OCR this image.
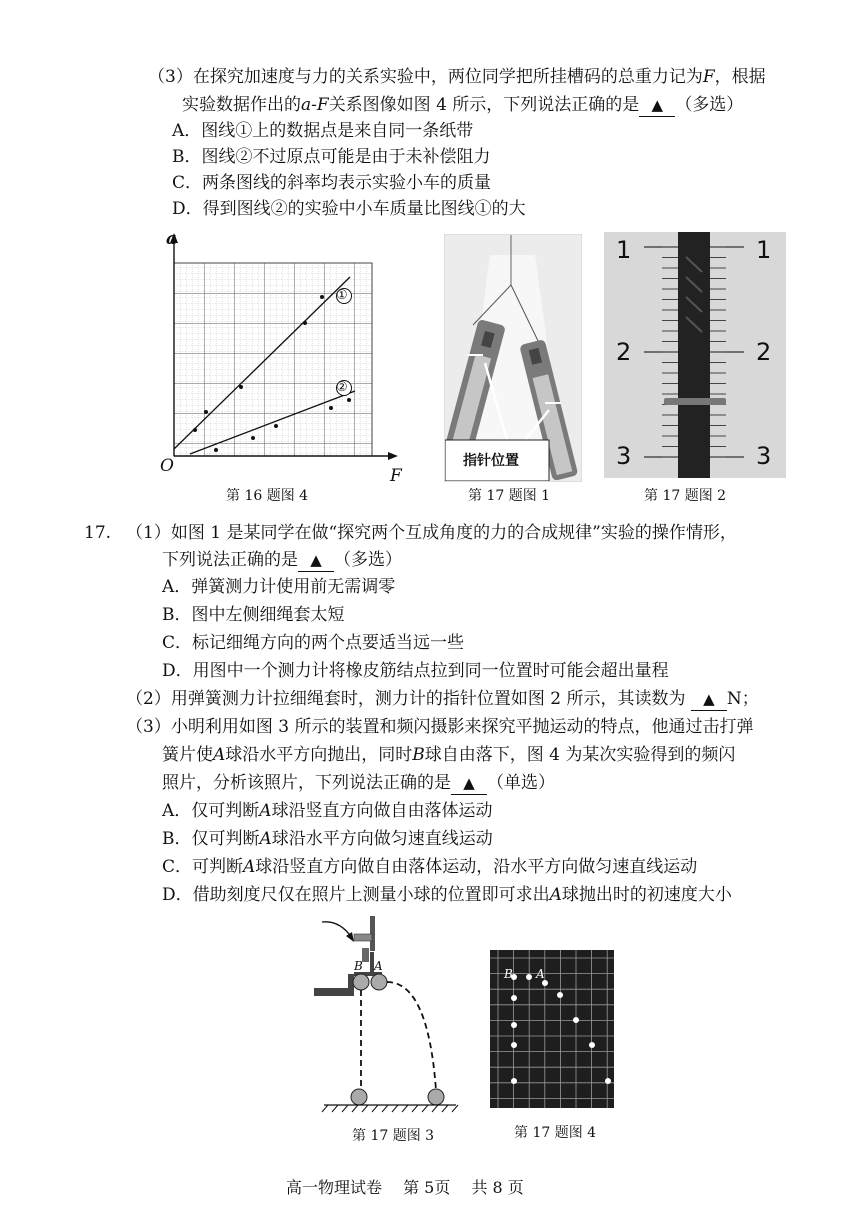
（3）在探究加速度与力的关系实验中，两位同学把所挂槽码的总重力记为F，根据
实验数据作出的a-F关系图像如图 4 所示，下列说法正确的是 ▲ （多选）
A．图线①上的数据点是来自同一条纸带
B．图线②不过原点可能是由于未补偿阻力
C．两条图线的斜率均表示实验小车的质量
D．得到图线②的实验中小车质量比图线①的大
a
O	F
①
②
第 16 题图 4
指针位置
第 17 题图 1
1	1
2	2
3	3
第 17 题图 2
17. （1）如图 1 是某同学在做“探究两个互成角度的力的合成规律”实验的操作情形，
下列说法正确的是 ▲ （多选）
A．弹簧测力计使用前无需调零
B．图中左侧细绳套太短
C．标记细绳方向的两个点要适当远一些
D．用图中一个测力计将橡皮筋结点拉到同一位置时可能会超出量程
（2）用弹簧测力计拉细绳套时，测力计的指针位置如图 2 所示，其读数为 ▲ N；
（3）小明利用如图 3 所示的装置和频闪摄影来探究平抛运动的特点，他通过击打弹
簧片使A球沿水平方向抛出，同时B球自由落下，图 4 为某次实验得到的频闪
照片，分析该照片，下列说法正确的是 ▲ （单选）
A．仅可判断A球沿竖直方向做自由落体运动
B．仅可判断A球沿水平方向做匀速直线运动
C．可判断A球沿竖直方向做自由落体运动，沿水平方向做匀速直线运动
D．借助刻度尺仅在照片上测量小球的位置即可求出A球抛出时的初速度大小
B A
第 17 题图 3
B A
第 17 题图 4
高一物理试卷　 第 5页　 共 8 页
